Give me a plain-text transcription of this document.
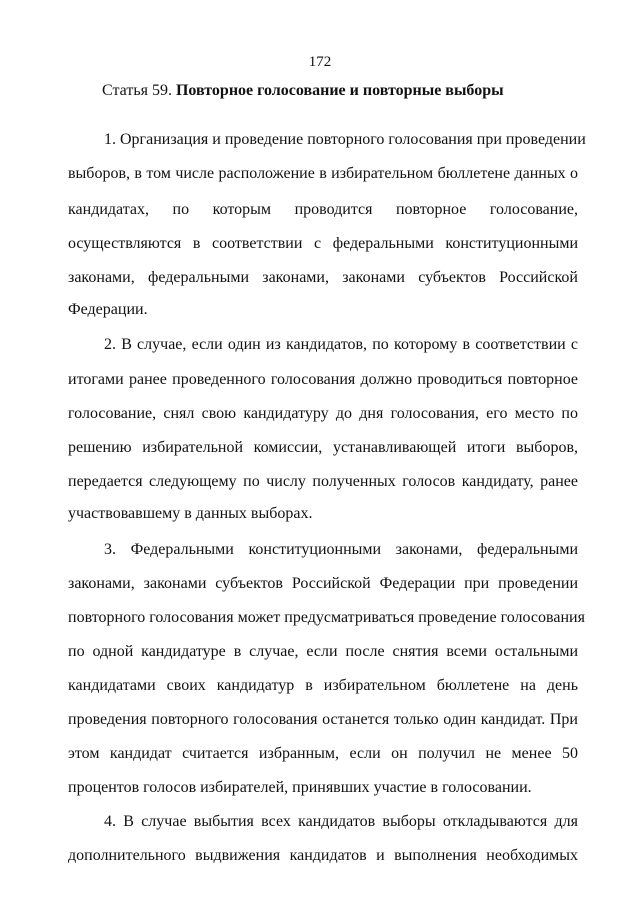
172
Статья 59. Повторное голосование и повторные выборы
1. Организация и проведение повторного голосования при проведении
выборов, в том числе расположение в избирательном бюллетене данных о
кандидатах, по которым проводится повторное голосование,
осуществляются в соответствии с федеральными конституционными
законами, федеральными законами, законами субъектов Российской
Федерации.
2. В случае, если один из кандидатов, по которому в соответствии с
итогами ранее проведенного голосования должно проводиться повторное
голосование, снял свою кандидатуру до дня голосования, его место по
решению избирательной комиссии, устанавливающей итоги выборов,
передается следующему по числу полученных голосов кандидату, ранее
участвовавшему в данных выборах.
3. Федеральными конституционными законами, федеральными
законами, законами субъектов Российской Федерации при проведении
повторного голосования может предусматриваться проведение голосования
по одной кандидатуре в случае, если после снятия всеми остальными
кандидатами своих кандидатур в избирательном бюллетене на день
проведения повторного голосования останется только один кандидат. При
этом кандидат считается избранным, если он получил не менее 50
процентов голосов избирателей, принявших участие в голосовании.
4. В случае выбытия всех кандидатов выборы откладываются для
дополнительного выдвижения кандидатов и выполнения необходимых
